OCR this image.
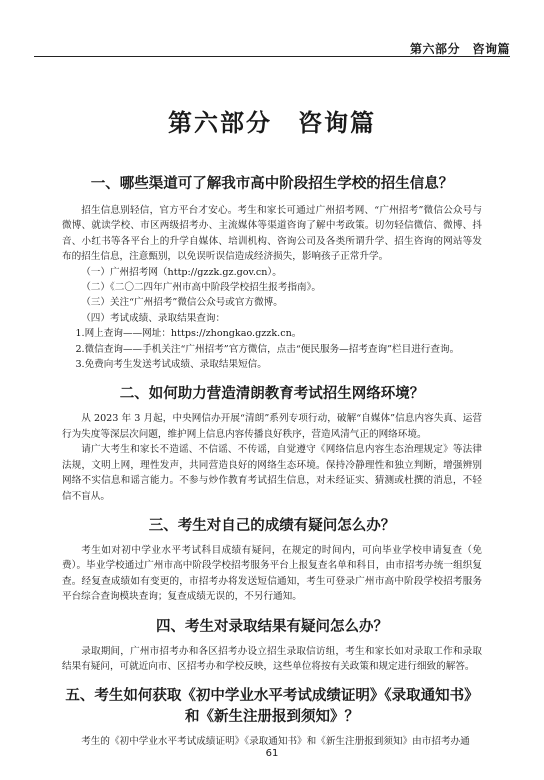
第六部分　咨询篇
第六部分　咨询篇
一、哪些渠道可了解我市高中阶段招生学校的招生信息？

招生信息别轻信，官方平台才安心。考生和家长可通过广州招考网、“广州招考”微信公众号与微博、就读学校、市区两级招考办、主流媒体等渠道咨询了解中考政策。切勿轻信微信、微博、抖音、小红书等各平台上的升学自媒体、培训机构、咨询公司及各类所谓升学、招生咨询的网站等发布的招生信息，注意甄别，以免误听误信造成经济损失，影响孩子正常升学。

（一）广州招考网（http://gzzk.gz.gov.cn）。

（二）《二〇二四年广州市高中阶段学校招生报考指南》。

（三）关注“广州招考”微信公众号或官方微博。

（四）考试成绩、录取结果查询：

1.网上查询——网址：https://zhongkao.gzzk.cn。

2.微信查询——手机关注“广州招考”官方微信，点击“便民服务—招考查询”栏目进行查询。

3.免费向考生发送考试成绩、录取结果短信。

二、如何助力营造清朗教育考试招生网络环境？

从 2023 年 3 月起，中央网信办开展“清朗”系列专项行动，破解“自媒体”信息内容失真、运营行为失度等深层次问题，维护网上信息内容传播良好秩序，营造风清气正的网络环境。

请广大考生和家长不造谣、不信谣、不传谣，自觉遵守《网络信息内容生态治理规定》等法律法规，文明上网，理性发声，共同营造良好的网络生态环境。保持冷静理性和独立判断，增强辨别网络不实信息和谣言能力。不参与炒作教育考试招生信息，对未经证实、猜测或杜撰的消息，不轻信不盲从。

三、考生对自己的成绩有疑问怎么办？

考生如对初中学业水平考试科目成绩有疑问，在规定的时间内，可向毕业学校申请复查（免费）。毕业学校通过广州市高中阶段学校招考服务平台上报复查名单和科目，由市招考办统一组织复查。经复查成绩如有变更的，市招考办将发送短信通知，考生可登录广州市高中阶段学校招考服务平台综合查询模块查询；复查成绩无误的，不另行通知。

四、考生对录取结果有疑问怎么办？

录取期间，广州市招考办和各区招考办设立招生录取信访组，考生和家长如对录取工作和录取结果有疑问，可就近向市、区招考办和学校反映，这些单位将按有关政策和规定进行细致的解答。

五、考生如何获取《初中学业水平考试成绩证明》《录取通知书》和《新生注册报到须知》？

考生的《初中学业水平考试成绩证明》《录取通知书》和《新生注册报到须知》由市招考办通

61
